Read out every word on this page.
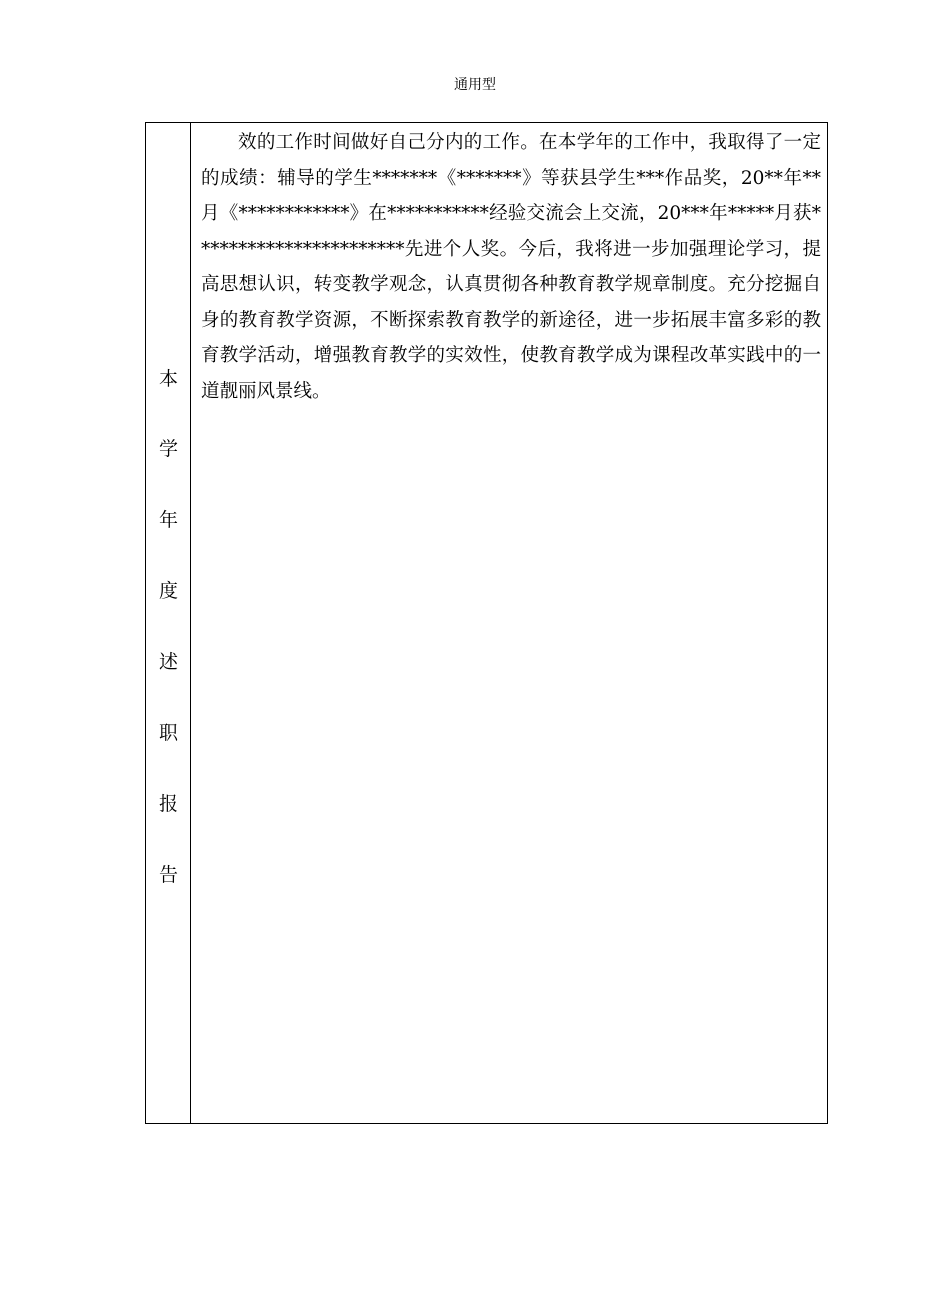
通用型
本
学
年
度
述
职
报
告

效的工作时间做好自己分内的工作。在本学年的工作中，我取得了一定的成绩：辅导的学生*******《*******》等获县学生***作品奖，20**年**月《************》在***********经验交流会上交流，20***年*****月获***********************先进个人奖。今后，我将进一步加强理论学习，提高思想认识，转变教学观念，认真贯彻各种教育教学规章制度。充分挖掘自身的教育教学资源，不断探索教育教学的新途径，进一步拓展丰富多彩的教育教学活动，增强教育教学的实效性，使教育教学成为课程改革实践中的一道靓丽风景线。
